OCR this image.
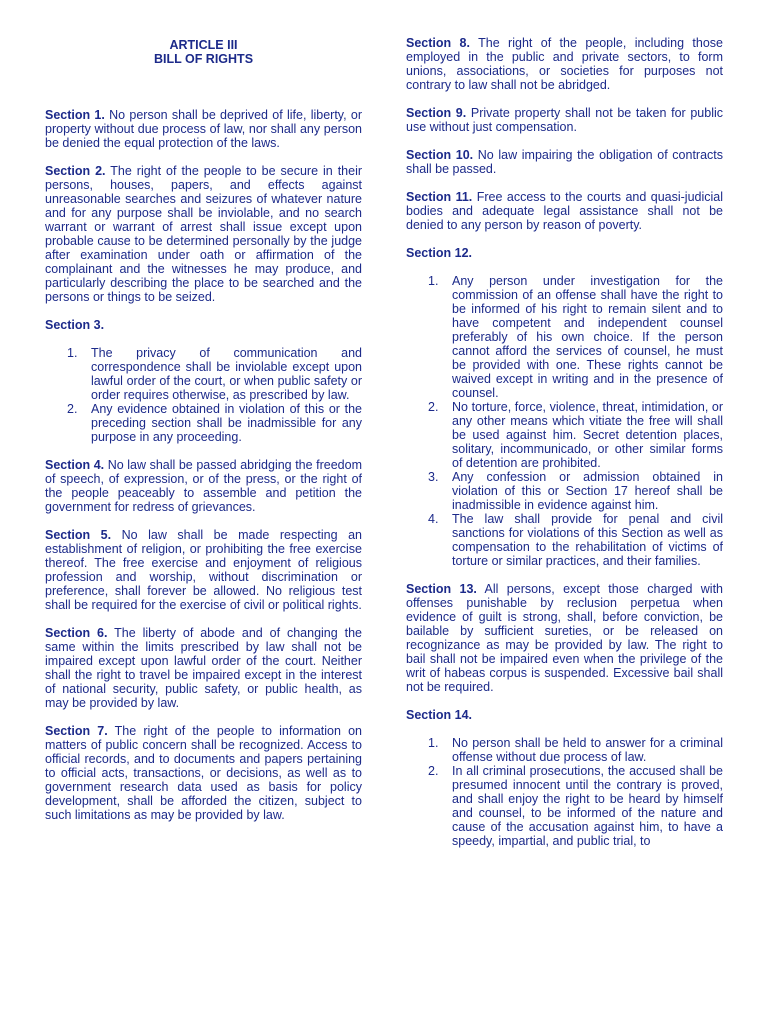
ARTICLE III
BILL OF RIGHTS

Section 1. No person shall be deprived of life, liberty, or property without due process of law, nor shall any person be denied the equal protection of the laws.

Section 2. The right of the people to be secure in their persons, houses, papers, and effects against unreasonable searches and seizures of whatever nature and for any purpose shall be inviolable, and no search warrant or warrant of arrest shall issue except upon probable cause to be determined personally by the judge after examination under oath or affirmation of the complainant and the witnesses he may produce, and particularly describing the place to be searched and the persons or things to be seized.

Section 3.
1. The privacy of communication and correspondence shall be inviolable except upon lawful order of the court, or when public safety or order requires otherwise, as prescribed by law.
2. Any evidence obtained in violation of this or the preceding section shall be inadmissible for any purpose in any proceeding.

Section 4. No law shall be passed abridging the freedom of speech, of expression, or of the press, or the right of the people peaceably to assemble and petition the government for redress of grievances.

Section 5. No law shall be made respecting an establishment of religion, or prohibiting the free exercise thereof. The free exercise and enjoyment of religious profession and worship, without discrimination or preference, shall forever be allowed. No religious test shall be required for the exercise of civil or political rights.

Section 6. The liberty of abode and of changing the same within the limits prescribed by law shall not be impaired except upon lawful order of the court. Neither shall the right to travel be impaired except in the interest of national security, public safety, or public health, as may be provided by law.

Section 7. The right of the people to information on matters of public concern shall be recognized. Access to official records, and to documents and papers pertaining to official acts, transactions, or decisions, as well as to government research data used as basis for policy development, shall be afforded the citizen, subject to such limitations as may be provided by law.

Section 8. The right of the people, including those employed in the public and private sectors, to form unions, associations, or societies for purposes not contrary to law shall not be abridged.

Section 9. Private property shall not be taken for public use without just compensation.

Section 10. No law impairing the obligation of contracts shall be passed.

Section 11. Free access to the courts and quasi-judicial bodies and adequate legal assistance shall not be denied to any person by reason of poverty.

Section 12.
1. Any person under investigation for the commission of an offense shall have the right to be informed of his right to remain silent and to have competent and independent counsel preferably of his own choice. If the person cannot afford the services of counsel, he must be provided with one. These rights cannot be waived except in writing and in the presence of counsel.
2. No torture, force, violence, threat, intimidation, or any other means which vitiate the free will shall be used against him. Secret detention places, solitary, incommunicado, or other similar forms of detention are prohibited.
3. Any confession or admission obtained in violation of this or Section 17 hereof shall be inadmissible in evidence against him.
4. The law shall provide for penal and civil sanctions for violations of this Section as well as compensation to the rehabilitation of victims of torture or similar practices, and their families.

Section 13. All persons, except those charged with offenses punishable by reclusion perpetua when evidence of guilt is strong, shall, before conviction, be bailable by sufficient sureties, or be released on recognizance as may be provided by law. The right to bail shall not be impaired even when the privilege of the writ of habeas corpus is suspended. Excessive bail shall not be required.

Section 14.
1. No person shall be held to answer for a criminal offense without due process of law.
2. In all criminal prosecutions, the accused shall be presumed innocent until the contrary is proved, and shall enjoy the right to be heard by himself and counsel, to be informed of the nature and cause of the accusation against him, to have a speedy, impartial, and public trial, to
